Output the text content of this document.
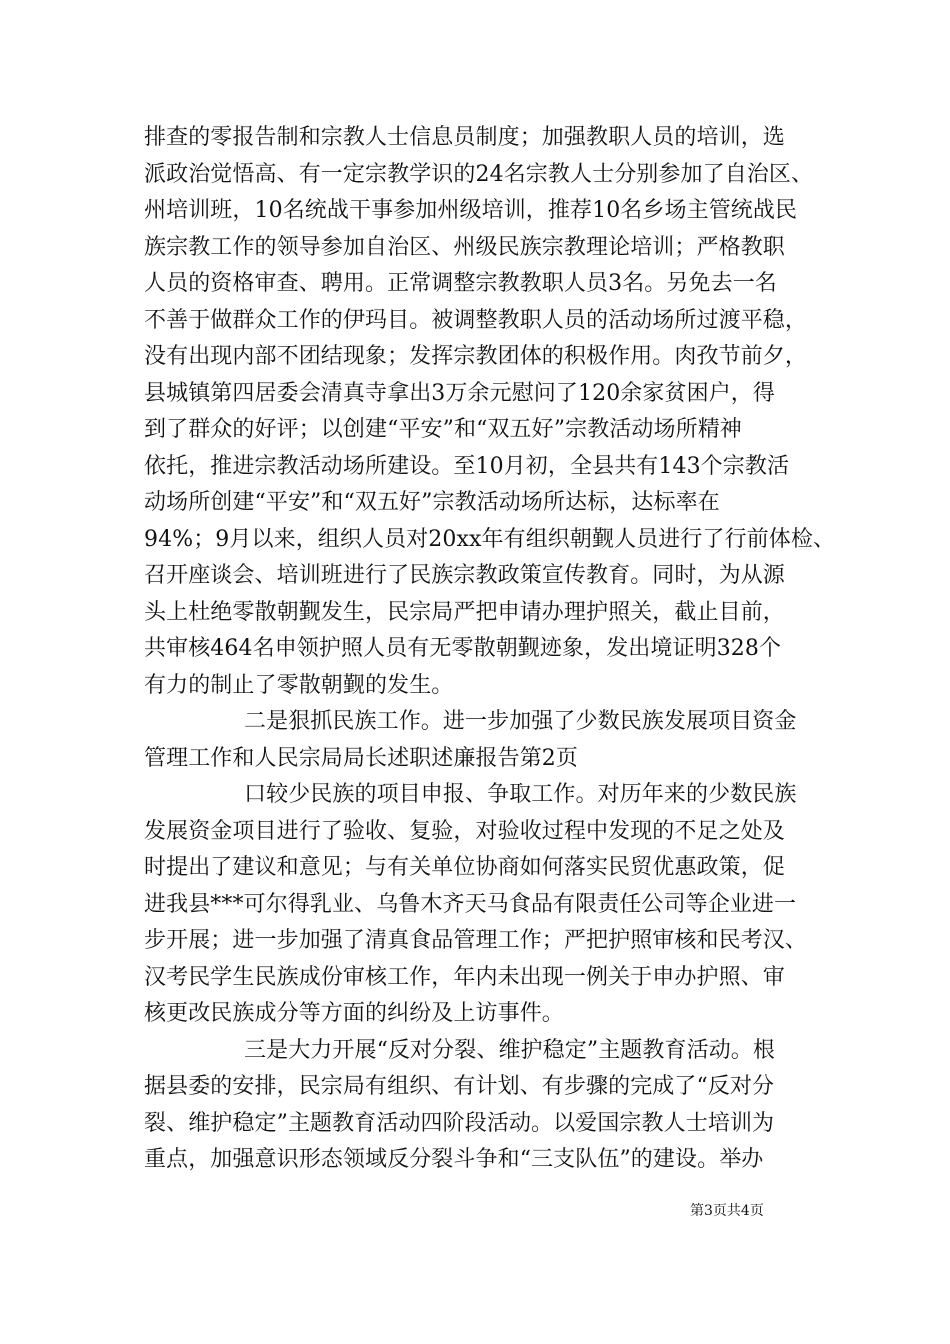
排查的零报告制和宗教人士信息员制度；加强教职人员的培训，选
派政治觉悟高、有一定宗教学识的24名宗教人士分别参加了自治区、
州培训班，10名统战干事参加州级培训，推荐10名乡场主管统战民
族宗教工作的领导参加自治区、州级民族宗教理论培训；严格教职
人员的资格审查、聘用。正常调整宗教教职人员3名。另免去一名
不善于做群众工作的伊玛目。被调整教职人员的活动场所过渡平稳，
没有出现内部不团结现象；发挥宗教团体的积极作用。肉孜节前夕，
县城镇第四居委会清真寺拿出3万余元慰问了120余家贫困户，得
到了群众的好评；以创建“平安”和“双五好”宗教活动场所精神
依托，推进宗教活动场所建设。至10月初，全县共有143个宗教活
动场所创建“平安”和“双五好”宗教活动场所达标，达标率在
94%；9月以来，组织人员对20xx年有组织朝觐人员进行了行前体检、
召开座谈会、培训班进行了民族宗教政策宣传教育。同时，为从源
头上杜绝零散朝觐发生，民宗局严把申请办理护照关，截止目前，
共审核464名申领护照人员有无零散朝觐迹象，发出境证明328个
有力的制止了零散朝觐的发生。
二是狠抓民族工作。进一步加强了少数民族发展项目资金
管理工作和人民宗局局长述职述廉报告第2页
口较少民族的项目申报、争取工作。对历年来的少数民族
发展资金项目进行了验收、复验，对验收过程中发现的不足之处及
时提出了建议和意见；与有关单位协商如何落实民贸优惠政策，促
进我县***可尔得乳业、乌鲁木齐天马食品有限责任公司等企业进一
步开展；进一步加强了清真食品管理工作；严把护照审核和民考汉、
汉考民学生民族成份审核工作，年内未出现一例关于申办护照、审
核更改民族成分等方面的纠纷及上访事件。
三是大力开展“反对分裂、维护稳定”主题教育活动。根
据县委的安排，民宗局有组织、有计划、有步骤的完成了“反对分
裂、维护稳定”主题教育活动四阶段活动。以爱国宗教人士培训为
重点，加强意识形态领域反分裂斗争和“三支队伍”的建设。举办
第3页共4页
